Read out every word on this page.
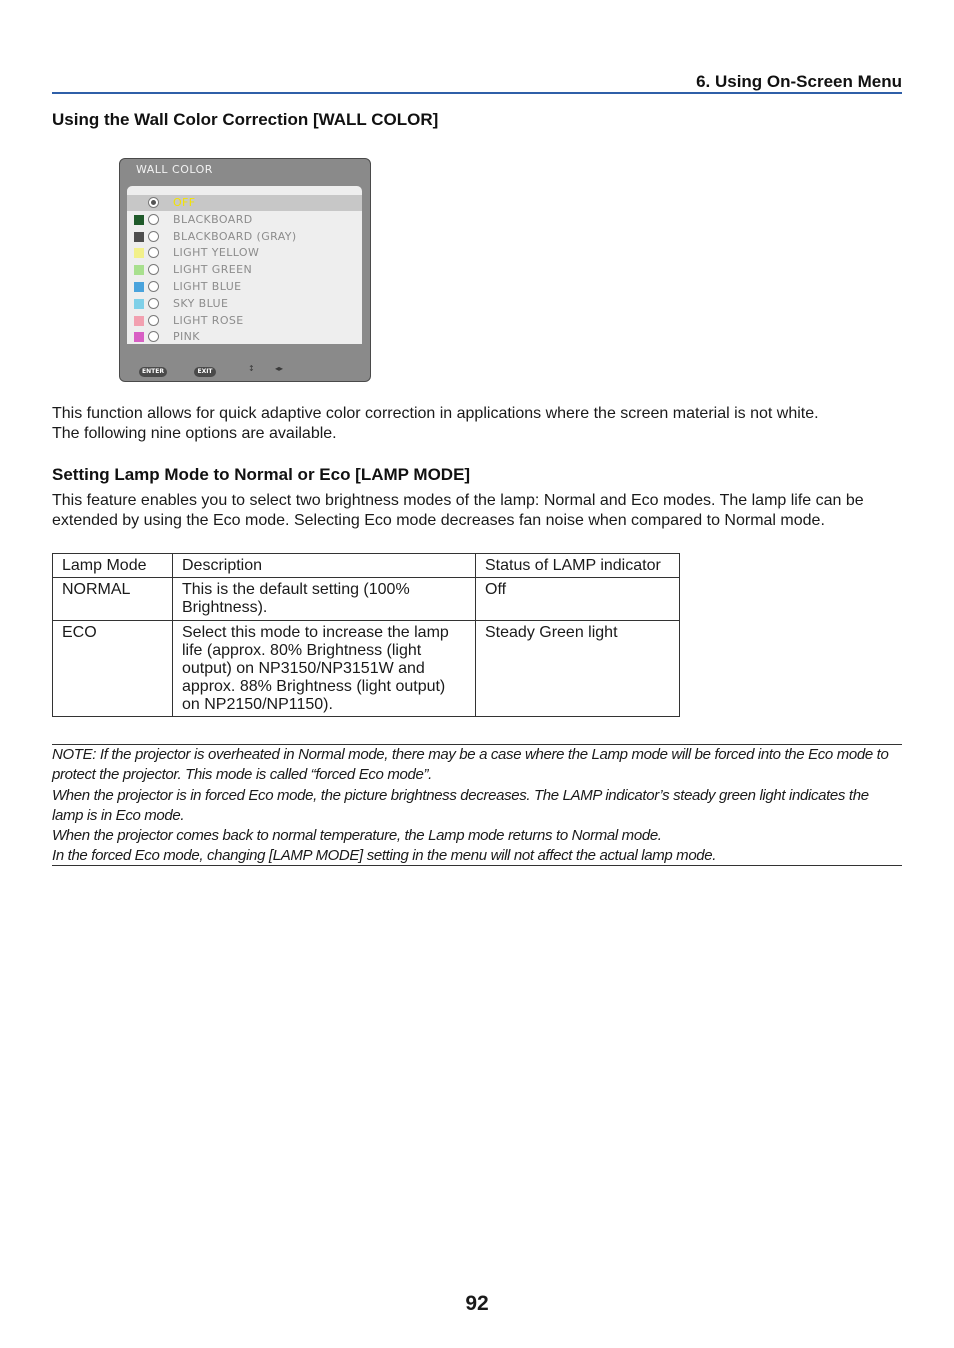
6. Using On-Screen Menu
Using the Wall Color Correction [WALL COLOR]
WALL COLOR
OFF
BLACKBOARD
BLACKBOARD (GRAY)
LIGHT YELLOW
LIGHT GREEN
LIGHT BLUE
SKY BLUE
LIGHT ROSE
PINK
ENTER	EXIT	↕	◂▸
This function allows for quick adaptive color correction in applications where the screen material is not white.
The following nine options are available.
Setting Lamp Mode to Normal or Eco [LAMP MODE]
This feature enables you to select two brightness modes of the lamp: Normal and Eco modes. The lamp life can be extended by using the Eco mode. Selecting Eco mode decreases fan noise when compared to Normal mode.
Lamp Mode	Description	Status of LAMP indicator
NORMAL	This is the default setting (100% Brightness).	Off
ECO	Select this mode to increase the lamp life (approx. 80% Brightness (light output) on NP3150/NP3151W and approx. 88% Brightness (light output) on NP2150/NP1150).	Steady Green light

NOTE: If the projector is overheated in Normal mode, there may be a case where the Lamp mode will be forced into the Eco mode to protect the projector. This mode is called “forced Eco mode”.

When the projector is in forced Eco mode, the picture brightness decreases. The LAMP indicator’s steady green light indicates the lamp is in Eco mode.

When the projector comes back to normal temperature, the Lamp mode returns to Normal mode.

In the forced Eco mode, changing [LAMP MODE] setting in the menu will not affect the actual lamp mode.

92
